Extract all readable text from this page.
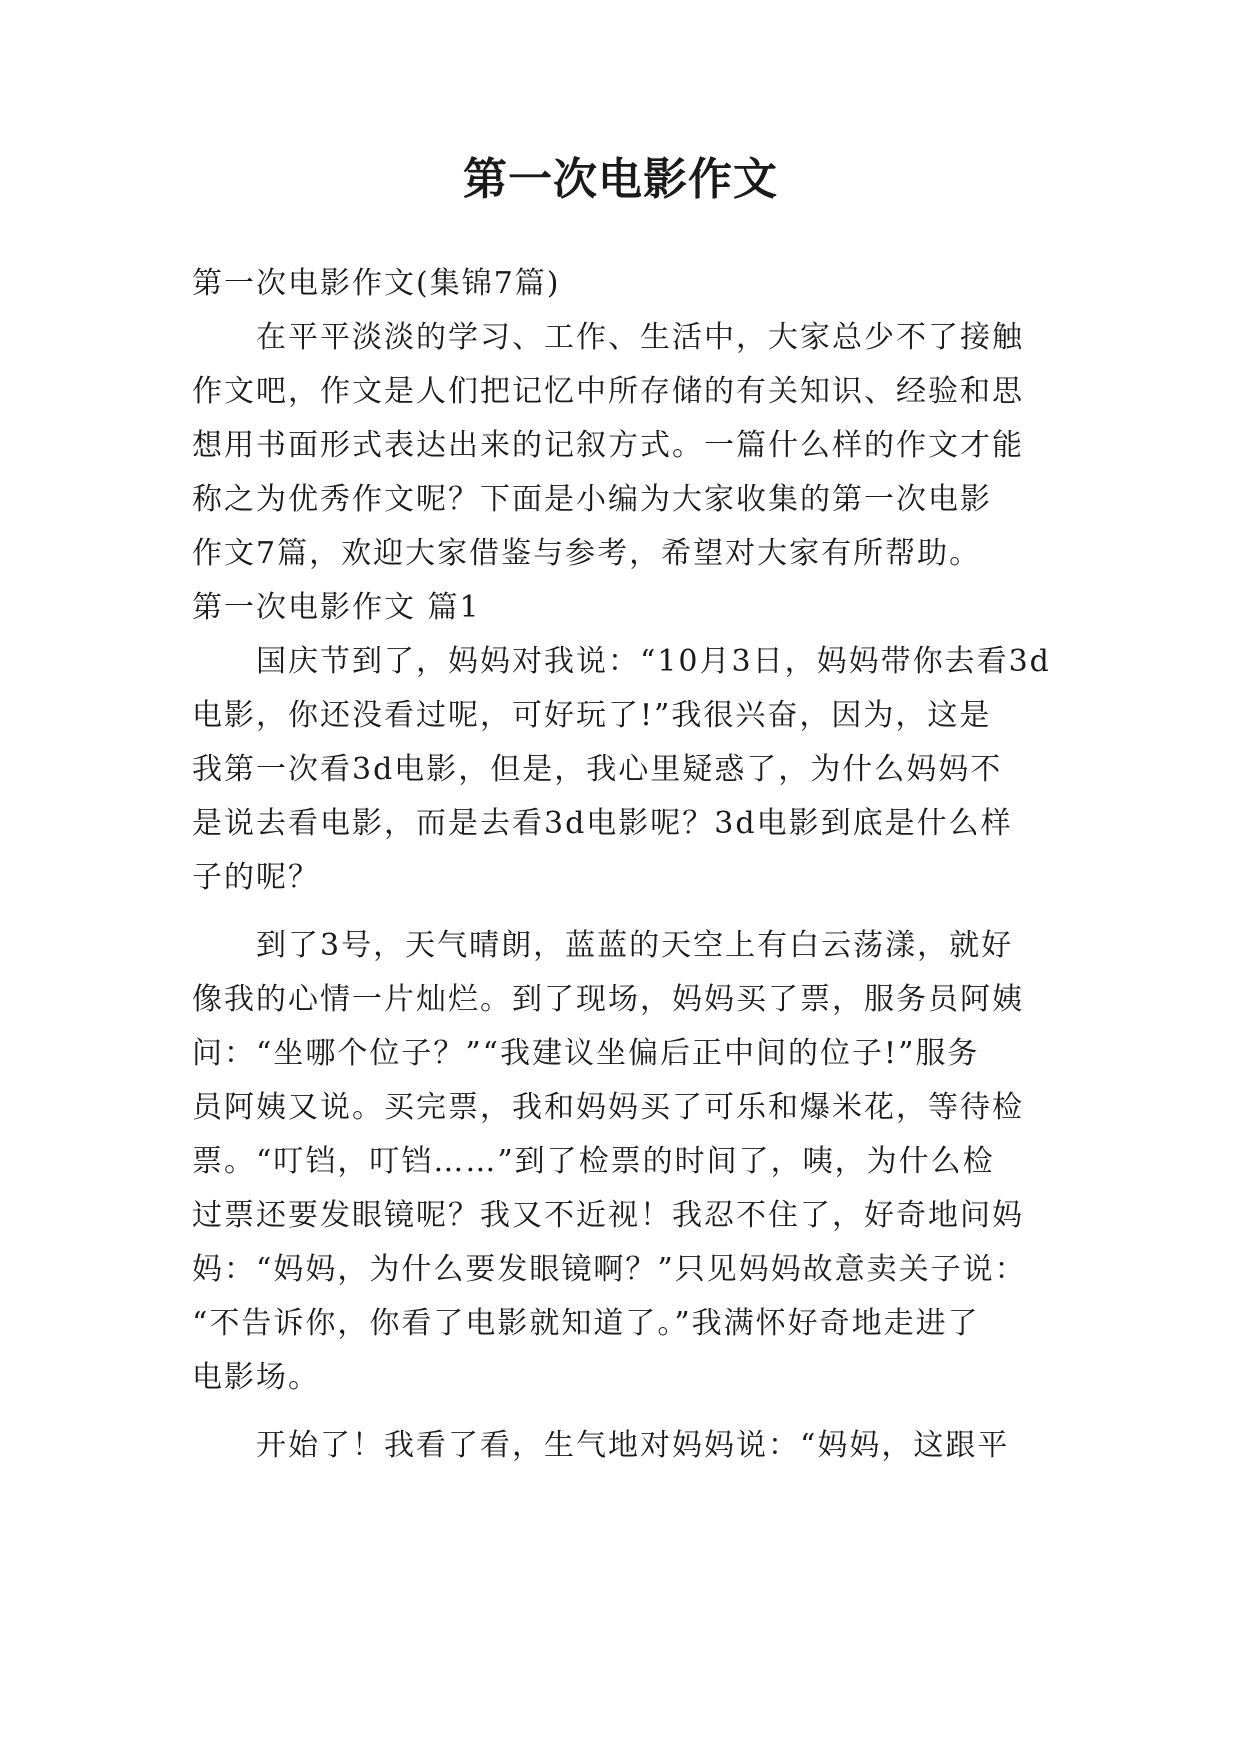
第一次电影作文
第一次电影作文(集锦7篇)
在平平淡淡的学习、工作、生活中，大家总少不了接触
作文吧，作文是人们把记忆中所存储的有关知识、经验和思
想用书面形式表达出来的记叙方式。一篇什么样的作文才能
称之为优秀作文呢？下面是小编为大家收集的第一次电影
作文7篇，欢迎大家借鉴与参考，希望对大家有所帮助。
第一次电影作文 篇1
国庆节到了，妈妈对我说：“10月3日，妈妈带你去看3d
电影，你还没看过呢，可好玩了!”我很兴奋，因为，这是
我第一次看3d电影，但是，我心里疑惑了，为什么妈妈不
是说去看电影，而是去看3d电影呢？3d电影到底是什么样
子的呢？
到了3号，天气晴朗，蓝蓝的天空上有白云荡漾，就好
像我的心情一片灿烂。到了现场，妈妈买了票，服务员阿姨
问：“坐哪个位子？”“我建议坐偏后正中间的位子!”服务
员阿姨又说。买完票，我和妈妈买了可乐和爆米花，等待检
票。“叮铛，叮铛……”到了检票的时间了，咦，为什么检
过票还要发眼镜呢？我又不近视！我忍不住了，好奇地问妈
妈：“妈妈，为什么要发眼镜啊？”只见妈妈故意卖关子说：
“不告诉你，你看了电影就知道了。”我满怀好奇地走进了
电影场。
开始了！我看了看，生气地对妈妈说：“妈妈，这跟平
